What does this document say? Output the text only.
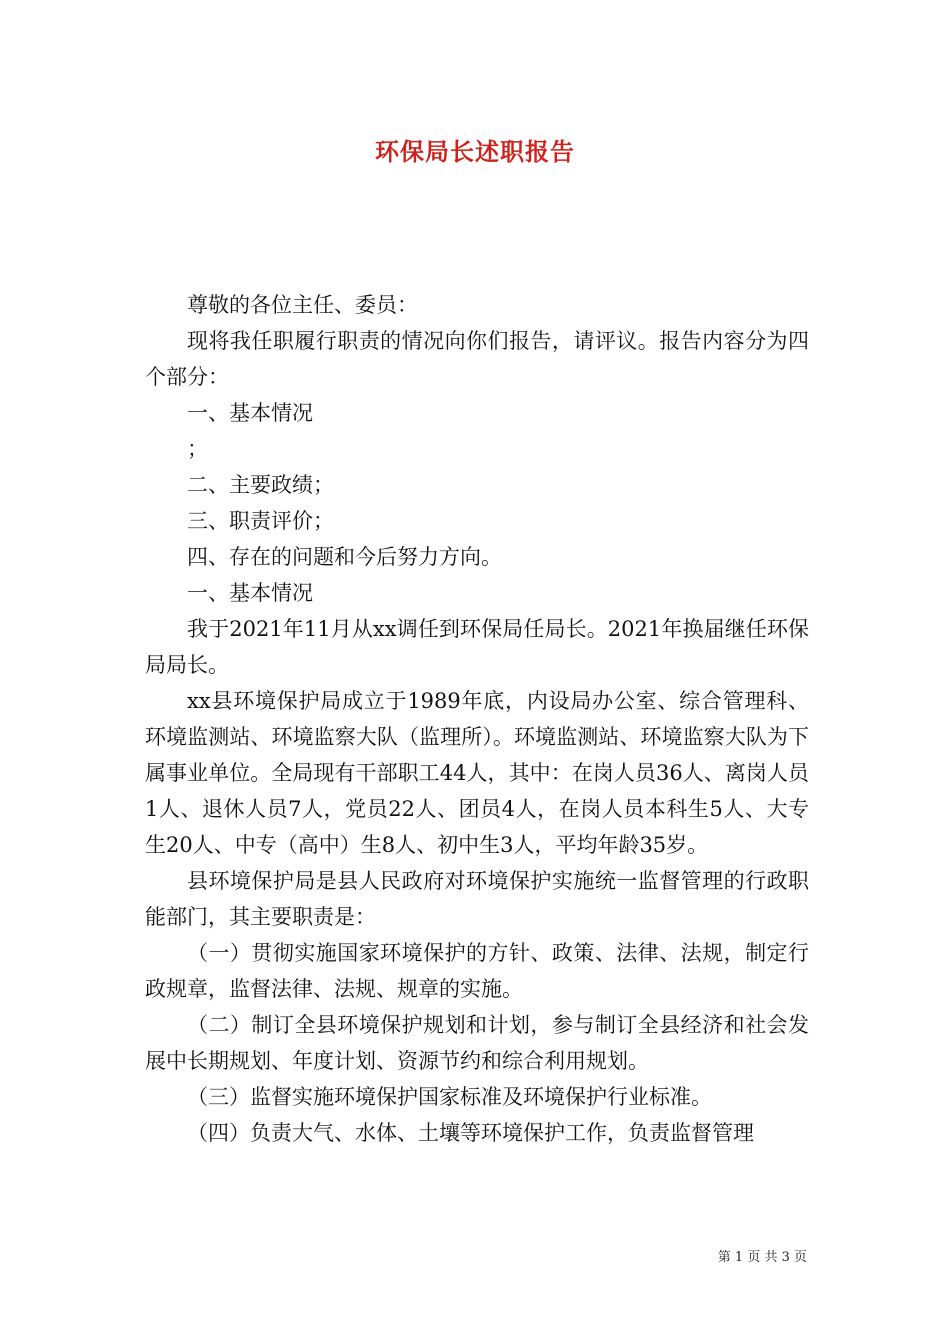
环保局长述职报告

尊敬的各位主任、委员：

现将我任职履行职责的情况向你们报告，请评议。报告内容分为四个部分：

一、基本情况

；

二、主要政绩；

三、职责评价；

四、存在的问题和今后努力方向。

一、基本情况

我于2021年11月从xx调任到环保局任局长。2021年换届继任环保局局长。

xx县环境保护局成立于1989年底，内设局办公室、综合管理科、环境监测站、环境监察大队（监理所）。环境监测站、环境监察大队为下属事业单位。全局现有干部职工44人，其中：在岗人员36人、离岗人员1人、退休人员7人，党员22人、团员4人，在岗人员本科生5人、大专生20人、中专（高中）生8人、初中生3人，平均年龄35岁。

县环境保护局是县人民政府对环境保护实施统一监督管理的行政职能部门，其主要职责是：

（一）贯彻实施国家环境保护的方针、政策、法律、法规，制定行政规章，监督法律、法规、规章的实施。

（二）制订全县环境保护规划和计划，参与制订全县经济和社会发展中长期规划、年度计划、资源节约和综合利用规划。

（三）监督实施环境保护国家标准及环境保护行业标准。

（四）负责大气、水体、土壤等环境保护工作，负责监督管理

第 1 页 共 3 页
